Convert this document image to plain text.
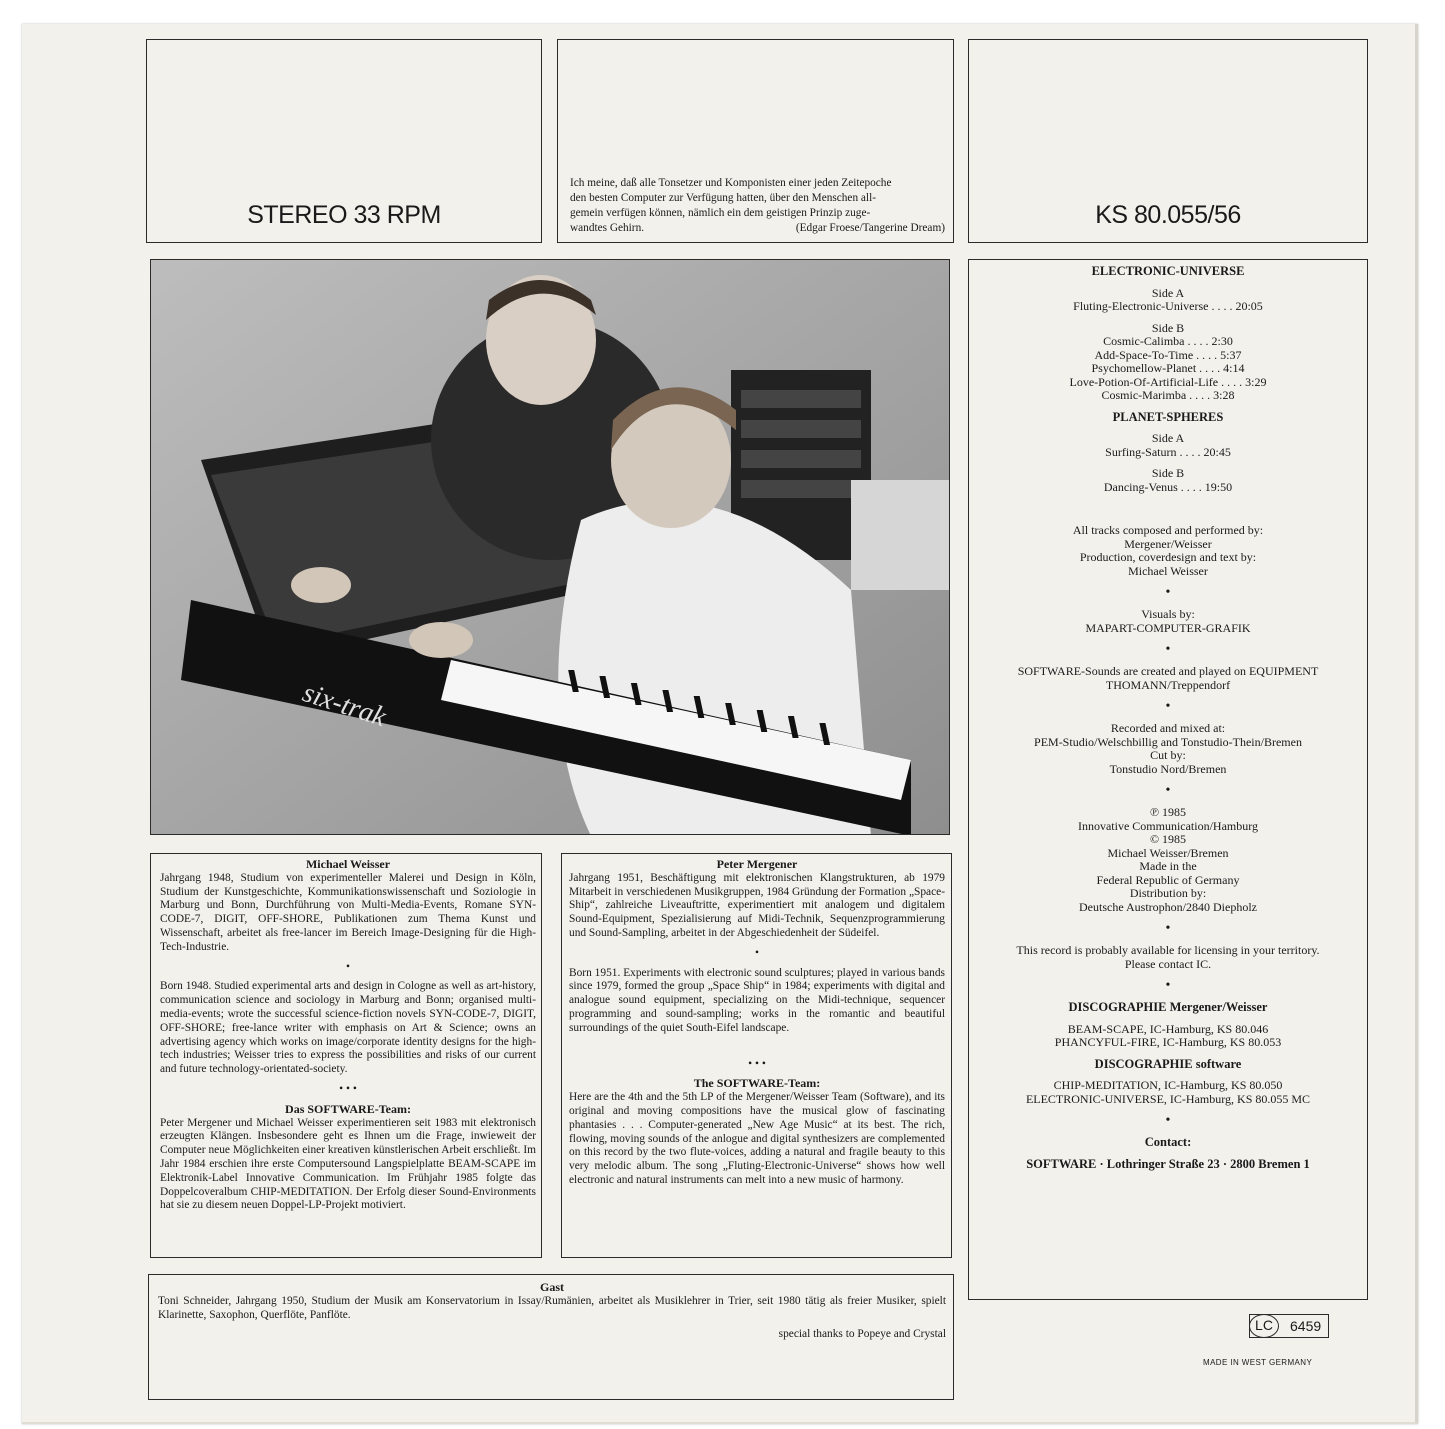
STEREO 33 RPM
Ich meine, daß alle Tonsetzer und Komponisten einer jeden Zeitepoche
den besten Computer zur Verfügung hatten, über den Menschen all-
gemein verfügen können, nämlich ein dem geistigen Prinzip zuge-
wandtes Gehirn.	(Edgar Froese/Tangerine Dream)	KS 80.055/56
six-trak
ELECTRONIC-UNIVERSE
Side A
Fluting-Electronic-Universe . . . . 20:05
Side B
Cosmic-Calimba . . . . 2:30
Add-Space-To-Time . . . . 5:37
Psychomellow-Planet . . . . 4:14
Love-Potion-Of-Artificial-Life . . . . 3:29
Cosmic-Marimba . . . . 3:28
PLANET-SPHERES
Side A
Surfing-Saturn . . . . 20:45
Side B
Dancing-Venus . . . . 19:50
All tracks composed and performed by:
Mergener/Weisser
Production, coverdesign and text by:
Michael Weisser
•
Visuals by:
MAPART-COMPUTER-GRAFIK
•
SOFTWARE-Sounds are created and played on EQUIPMENT
THOMANN/Treppendorf
•
Recorded and mixed at:
PEM-Studio/Welschbillig and Tonstudio-Thein/Bremen
Cut by:
Tonstudio Nord/Bremen
•
℗ 1985
Innovative Communication/Hamburg
© 1985
Michael Weisser/Bremen
Made in the
Federal Republic of Germany
Distribution by:
Deutsche Austrophon/2840 Diepholz
•
This record is probably available for licensing in your territory.
Please contact IC.
•
DISCOGRAPHIE Mergener/Weisser
BEAM-SCAPE, IC-Hamburg, KS 80.046
PHANCYFUL-FIRE, IC-Hamburg, KS 80.053
DISCOGRAPHIE software
CHIP-MEDITATION, IC-Hamburg, KS 80.050
ELECTRONIC-UNIVERSE, IC-Hamburg, KS 80.055 MC
•
Contact:
SOFTWARE · Lothringer Straße 23 · 2800 Bremen 1
Michael Weisser
Jahrgang 1948, Studium von experimenteller Malerei und Design in Köln, Studium der Kunstgeschichte, Kommunikationswissenschaft und Soziologie in Marburg und Bonn, Durchführung von Multi-Media-Events, Romane SYN-CODE-7, DIGIT, OFF-SHORE, Publikationen zum Thema Kunst und Wissenschaft, arbeitet als free-lancer im Bereich Image-Designing für die High-Tech-Industrie.
•
Born 1948. Studied experimental arts and design in Cologne as well as art-history, communication science and sociology in Marburg and Bonn; organised multi-media-events; wrote the successful science-fiction novels SYN-CODE-7, DIGIT, OFF-SHORE; free-lance writer with emphasis on Art & Science; owns an advertising agency which works on image/corporate identity designs for the high-tech industries; Weisser tries to express the possibilities and risks of our current and future technology-orientated-society.
• • •
Das SOFTWARE-Team:
Peter Mergener und Michael Weisser experimentieren seit 1983 mit elektronisch erzeugten Klängen. Insbesondere geht es Ihnen um die Frage, inwieweit der Computer neue Möglichkeiten einer kreativen künstlerischen Arbeit erschließt. Im Jahr 1984 erschien ihre erste Computersound Langspielplatte BEAM-SCAPE im Elektronik-Label Innovative Communication. Im Frühjahr 1985 folgte das Doppelcoveralbum CHIP-MEDITATION. Der Erfolg dieser Sound-Environments hat sie zu diesem neuen Doppel-LP-Projekt motiviert.
Peter Mergener
Jahrgang 1951, Beschäftigung mit elektronischen Klangstrukturen, ab 1979 Mitarbeit in verschiedenen Musikgruppen, 1984 Gründung der Formation „Space-Ship“, zahlreiche Liveauftritte, experimentiert mit analogem und digitalem Sound-Equipment, Spezialisierung auf Midi-Technik, Sequenzprogrammierung und Sound-Sampling, arbeitet in der Abgeschiedenheit der Südeifel.
•
Born 1951. Experiments with electronic sound sculptures; played in various bands since 1979, formed the group „Space Ship“ in 1984; experiments with digital and analogue sound equipment, specializing on the Midi-technique, sequencer programming and sound-sampling; works in the romantic and beautiful surroundings of the quiet South-Eifel landscape.
• • •
The SOFTWARE-Team:
Here are the 4th and the 5th LP of the Mergener/Weisser Team (Software), and its original and moving compositions have the musical glow of fascinating phantasies . . . Computer-generated „New Age Music“ at its best. The rich, flowing, moving sounds of the anlogue and digital synthesizers are complemented on this record by the two flute-voices, adding a natural and fragile beauty to this very melodic album. The song „Fluting-Electronic-Universe“ shows how well electronic and natural instruments can melt into a new music of harmony.
Gast
Toni Schneider, Jahrgang 1950, Studium der Musik am Konservatorium in Issay/Rumänien, arbeitet als Musiklehrer in Trier, seit 1980 tätig als freier Musiker, spielt Klarinette, Saxophon, Querflöte, Panflöte.
special thanks to Popeye and Crystal
LC	6459
MADE IN WEST GERMANY
